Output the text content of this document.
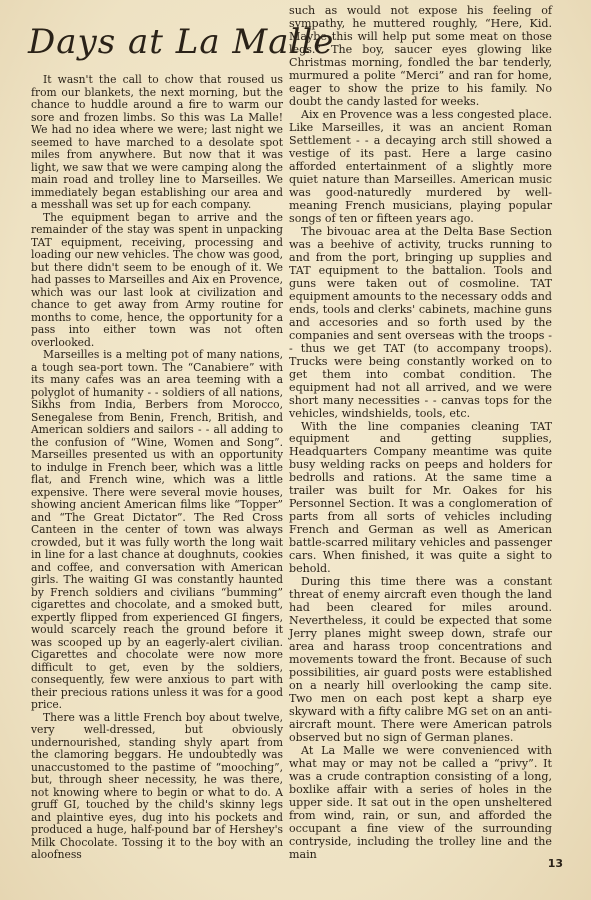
Days at La Malle

It wasn't the call to chow that roused us from our blankets, the next morning, but the chance to huddle around a fire to warm our sore and frozen limbs. So this was La Malle! We had no idea where we were; last night we seemed to have marched to a desolate spot miles from anywhere. But now that it was light, we saw that we were camping along the main road and trolley line to Marseilles. We immediately began establishing our area and a messhall was set up for each company.

The equipment began to arrive and the remainder of the stay was spent in unpacking TAT equipment, receiving, processing and loading our new vehicles. The chow was good, but there didn't seem to be enough of it. We had passes to Marseilles and Aix en Provence, which was our last look at civilization and chance to get away from Army routine for months to come, hence, the opportunity for a pass into either town was not often overlooked.

Marseilles is a melting pot of many nations, a tough sea-port town. The “Canabiere” with its many cafes was an area teeming with a polyglot of humanity - - soldiers of all nations, Sikhs from India, Berbers from Morocco, Senegalese from Benin, French, British, and American soldiers and sailors - - all adding to the confusion of “Wine, Women and Song”. Marseilles presented us with an opportunity to indulge in French beer, which was a little flat, and French wine, which was a little expensive. There were several movie houses, showing ancient American films like “Topper” and “The Great Dictator”. The Red Cross Canteen in the center of town was always crowded, but it was fully worth the long wait in line for a last chance at doughnuts, cookies and coffee, and conversation with American girls. The waiting GI was constantly haunted by French soldiers and civilians “bumming” cigarettes and chocolate, and a smoked butt, expertly flipped from experienced GI fingers, would scarcely reach the ground before it was scooped up by an eagerly-alert civilian. Cigarettes and chocolate were now more difficult to get, even by the soldiers, consequently, few were anxious to part with their precious rations unless it was for a good price.

There was a little French boy about twelve, very well-dressed, but obviously undernourished, standing shyly apart from the clamoring beggars. He undoubtedly was unaccustomed to the pastime of “mooching”, but, through sheer necessity, he was there, not knowing where to begin or what to do. A gruff GI, touched by the child's skinny legs and plaintive eyes, dug into his pockets and produced a huge, half-pound bar of Hershey's Milk Chocolate. Tossing it to the boy with an aloofness

such as would not expose his feeling of sympathy, he muttered roughly, “Here, Kid. Maybe this will help put some meat on those legs.” The boy, saucer eyes glowing like Christmas morning, fondled the bar tenderly, murmured a polite “Merci” and ran for home, eager to show the prize to his family. No doubt the candy lasted for weeks.

Aix en Provence was a less congested place. Like Marseilles, it was an ancient Roman Settlement - - a decaying arch still showed a vestige of its past. Here a large casino afforded entertainment of a slightly more quiet nature than Marseilles. American music was good-naturedly murdered by well-meaning French musicians, playing popular songs of ten or fifteen years ago.

The bivouac area at the Delta Base Section was a beehive of activity, trucks running to and from the port, bringing up supplies and TAT equipment to the battalion. Tools and guns were taken out of cosmoline. TAT equipment amounts to the necessary odds and ends, tools and clerks' cabinets, machine guns and accesories and so forth used by the companies and sent overseas with the troops - - thus we get TAT (to accompany troops). Trucks were being constantly worked on to get them into combat condition. The equipment had not all arrived, and we were short many necessities - - canvas tops for the vehicles, windshields, tools, etc.

With the line companies cleaning TAT equipment and getting supplies, Headquarters Company meantime was quite busy welding racks on peeps and holders for bedrolls and rations. At the same time a trailer was built for Mr. Oakes for his Personnel Section. It was a conglomeration of parts from all sorts of vehicles including French and German as well as American battle-scarred military vehicles and passenger cars. When finished, it was quite a sight to behold.

During this time there was a constant threat of enemy aircraft even though the land had been cleared for miles around. Nevertheless, it could be expected that some Jerry planes might sweep down, strafe our area and harass troop concentrations and movements toward the front. Because of such possibilities, air guard posts were established on a nearly hill overlooking the camp site. Two men on each post kept a sharp eye skyward with a fifty calibre MG set on an anti-aircraft mount. There were American patrols observed but no sign of German planes.

At La Malle we were convenienced with what may or may not be called a “privy”. It was a crude contraption consisting of a long, boxlike affair with a series of holes in the upper side. It sat out in the open unsheltered from wind, rain, or sun, and afforded the occupant a fine view of the surrounding contryside, including the trolley line and the main

13
